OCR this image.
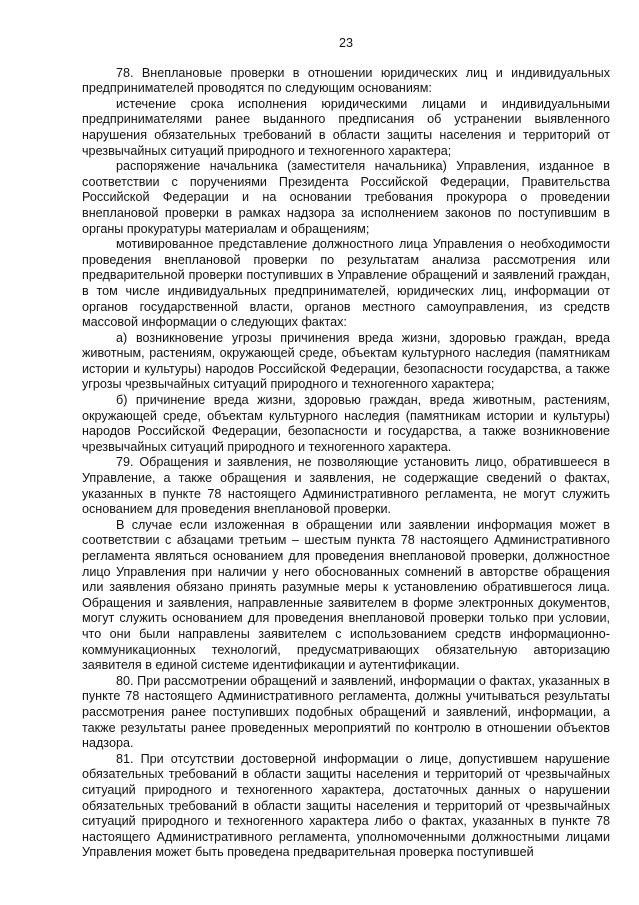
23

78. Внеплановые проверки в отношении юридических лиц и индивидуальных предпринимателей проводятся по следующим основаниям:

истечение срока исполнения юридическими лицами и индивидуальными предпринимателями ранее выданного предписания об устранении выявленного нарушения обязательных требований в области защиты населения и территорий от чрезвычайных ситуаций природного и техногенного характера;

распоряжение начальника (заместителя начальника) Управления, изданное в соответствии с поручениями Президента Российской Федерации, Правительства Российской Федерации и на основании требования прокурора о проведении внеплановой проверки в рамках надзора за исполнением законов по поступившим в органы прокуратуры материалам и обращениям;

мотивированное представление должностного лица Управления о необходимости проведения внеплановой проверки по результатам анализа рассмотрения или предварительной проверки поступивших в Управление обращений и заявлений граждан, в том числе индивидуальных предпринимателей, юридических лиц, информации от органов государственной власти, органов местного самоуправления, из средств массовой информации о следующих фактах:

а) возникновение угрозы причинения вреда жизни, здоровью граждан, вреда животным, растениям, окружающей среде, объектам культурного наследия (памятникам истории и культуры) народов Российской Федерации, безопасности государства, а также угрозы чрезвычайных ситуаций природного и техногенного характера;

б) причинение вреда жизни, здоровью граждан, вреда животным, растениям, окружающей среде, объектам культурного наследия (памятникам истории и культуры) народов Российской Федерации, безопасности и государства, а также возникновение чрезвычайных ситуаций природного и техногенного характера.

79. Обращения и заявления, не позволяющие установить лицо, обратившееся в Управление, а также обращения и заявления, не содержащие сведений о фактах, указанных в пункте 78 настоящего Административного регламента, не могут служить основанием для проведения внеплановой проверки.

В случае если изложенная в обращении или заявлении информация может в соответствии с абзацами третьим – шестым пункта 78 настоящего Административного регламента являться основанием для проведения внеплановой проверки, должностное лицо Управления при наличии у него обоснованных сомнений в авторстве обращения или заявления обязано принять разумные меры к установлению обратившегося лица. Обращения и заявления, направленные заявителем в форме электронных документов, могут служить основанием для проведения внеплановой проверки только при условии, что они были направлены заявителем с использованием средств информационно-коммуникационных технологий, предусматривающих обязательную авторизацию заявителя в единой системе идентификации и аутентификации.

80. При рассмотрении обращений и заявлений, информации о фактах, указанных в пункте 78 настоящего Административного регламента, должны учитываться результаты рассмотрения ранее поступивших подобных обращений и заявлений, информации, а также результаты ранее проведенных мероприятий по контролю в отношении объектов надзора.

81. При отсутствии достоверной информации о лице, допустившем нарушение обязательных требований в области защиты населения и территорий от чрезвычайных ситуаций природного и техногенного характера, достаточных данных о нарушении обязательных требований в области защиты населения и территорий от чрезвычайных ситуаций природного и техногенного характера либо о фактах, указанных в пункте 78 настоящего Административного регламента, уполномоченными должностными лицами Управления может быть проведена предварительная проверка поступившей
